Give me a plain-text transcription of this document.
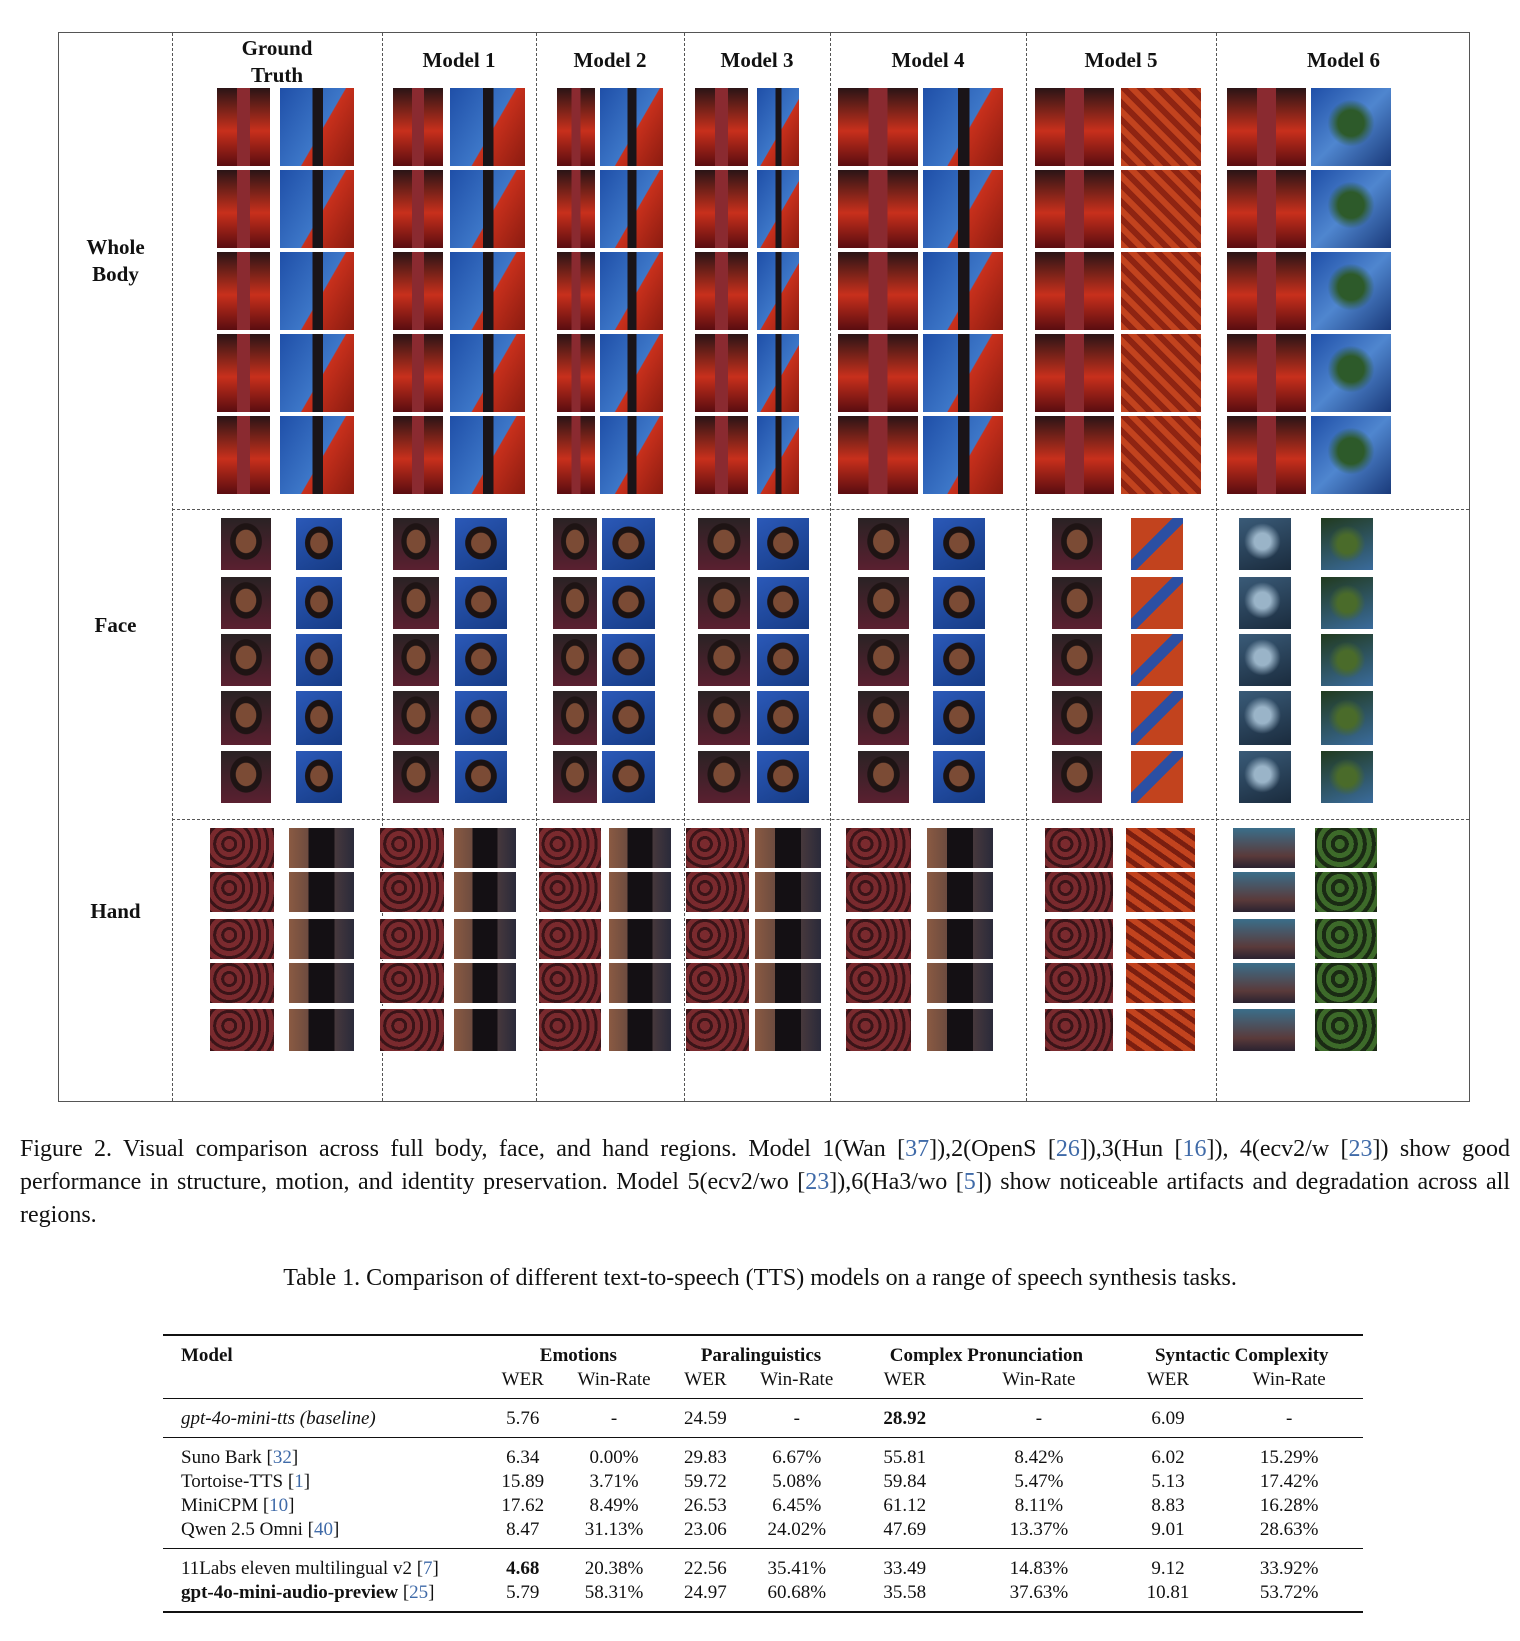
Ground
Truth
Model 1	Model 2	Model 3	Model 4	Model 5	Model 6
Whole
Body
Face
Hand
Figure 2. Visual comparison across full body, face, and hand regions. Model 1(Wan [37]),2(OpenS [26]),3(Hun [16]), 4(ecv2/w [23]) show good performance in structure, motion, and identity preservation. Model 5(ecv2/wo [23]),6(Ha3/wo [5]) show noticeable artifacts and degradation across all regions.
Table 1. Comparison of different text-to-speech (TTS) models on a range of speech synthesis tasks.
Model	Emotions		Paralinguistics		Complex Pronunciation		Syntactic Complexity	
	WER	Win-Rate	WER	Win-Rate	WER	Win-Rate	WER	Win-Rate
gpt-4o-mini-tts (baseline)	5.76	-	24.59	-	28.92	-	6.09	-
Suno Bark [32]	6.34	0.00%	29.83	6.67%	55.81	8.42%	6.02	15.29%
Tortoise-TTS [1]	15.89	3.71%	59.72	5.08%	59.84	5.47%	5.13	17.42%
MiniCPM [10]	17.62	8.49%	26.53	6.45%	61.12	8.11%	8.83	16.28%
Qwen 2.5 Omni [40]	8.47	31.13%	23.06	24.02%	47.69	13.37%	9.01	28.63%
11Labs eleven multilingual v2 [7]	4.68	20.38%	22.56	35.41%	33.49	14.83%	9.12	33.92%
gpt-4o-mini-audio-preview [25]	5.79	58.31%	24.97	60.68%	35.58	37.63%	10.81	53.72%
